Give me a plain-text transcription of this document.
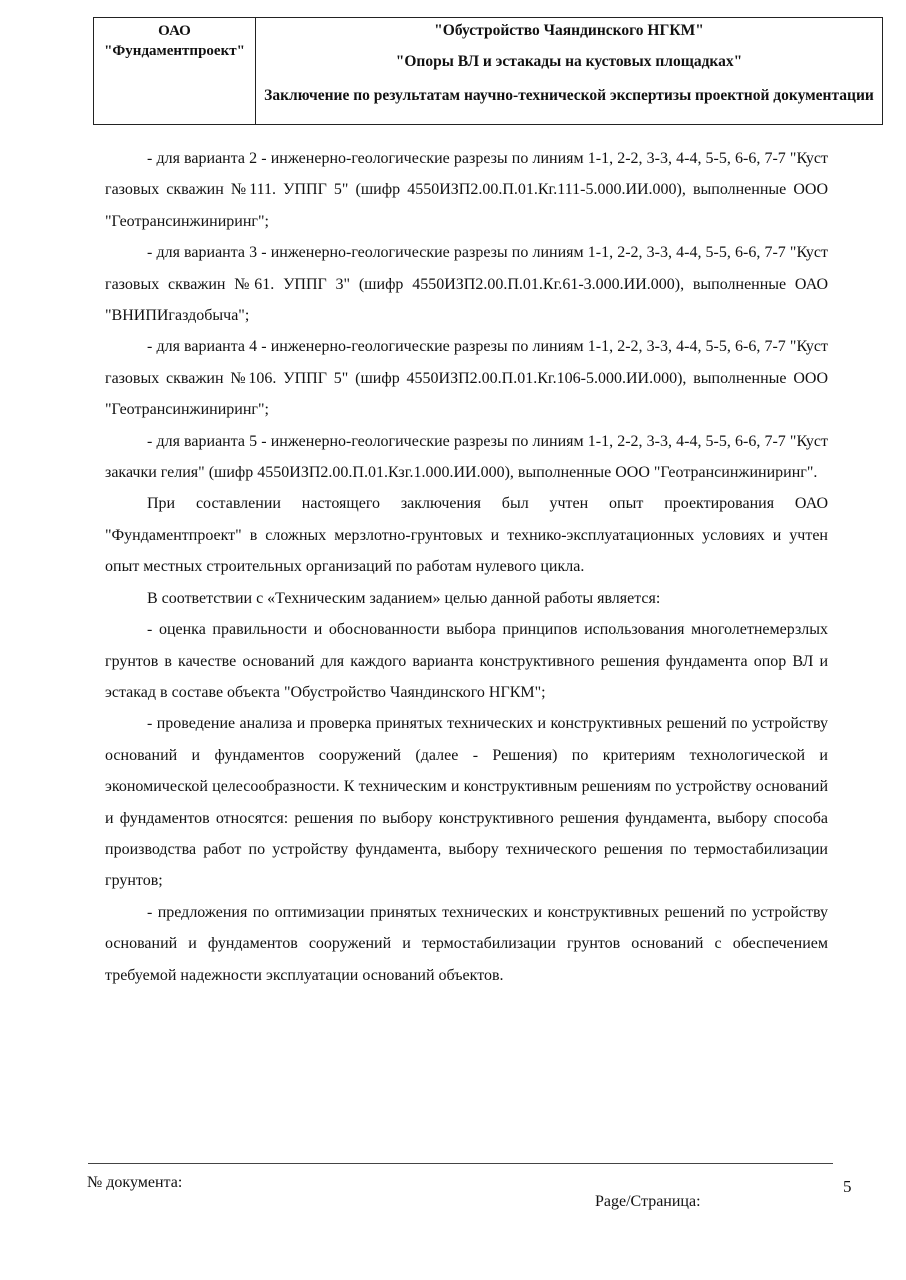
ОАО
"Фундаментпроект"
"Обустройство Чаяндинского НГКМ"
"Опоры ВЛ и эстакады на кустовых площадках"
Заключение по результатам научно-технической экспертизы проектной документации

- для варианта 2 - инженерно-геологические разрезы по линиям 1-1, 2-2, 3-3, 4-4, 5-5, 6-6, 7-7 "Куст газовых скважин №111. УППГ 5" (шифр 4550ИЗП2.00.П.01.Кг.111-5.000.ИИ.000), выполненные ООО "Геотрансинжиниринг";

- для варианта 3 - инженерно-геологические разрезы по линиям 1-1, 2-2, 3-3, 4-4, 5-5, 6-6, 7-7 "Куст газовых скважин №61. УППГ 3" (шифр 4550ИЗП2.00.П.01.Кг.61-3.000.ИИ.000), выполненные ОАО "ВНИПИгаздобыча";

- для варианта 4 - инженерно-геологические разрезы по линиям 1-1, 2-2, 3-3, 4-4, 5-5, 6-6, 7-7 "Куст газовых скважин №106. УППГ 5" (шифр 4550ИЗП2.00.П.01.Кг.106-5.000.ИИ.000), выполненные ООО "Геотрансинжиниринг";

- для варианта 5 - инженерно-геологические разрезы по линиям 1-1, 2-2, 3-3, 4-4, 5-5, 6-6, 7-7 "Куст закачки гелия" (шифр 4550ИЗП2.00.П.01.Кзг.1.000.ИИ.000), выполненные ООО "Геотрансинжиниринг".

При составлении настоящего заключения был учтен опыт проектирования ОАО "Фундаментпроект" в сложных мерзлотно-грунтовых и технико-эксплуатационных условиях и учтен опыт местных строительных организаций по работам нулевого цикла.

В соответствии с «Техническим заданием» целью данной работы является:

- оценка правильности и обоснованности выбора принципов использования многолетнемерзлых грунтов в качестве оснований для каждого варианта конструктивного решения фундамента опор ВЛ и эстакад в составе объекта "Обустройство Чаяндинского НГКМ";

- проведение анализа и проверка принятых технических и конструктивных решений по устройству оснований и фундаментов сооружений (далее - Решения) по критериям технологической и экономической целесообразности. К техническим и конструктивным решениям по устройству оснований и фундаментов относятся: решения по выбору конструктивного решения фундамента, выбору способа производства работ по устройству фундамента, выбору технического решения по термостабилизации грунтов;

- предложения по оптимизации принятых технических и конструктивных решений по устройству оснований и фундаментов сооружений и термостабилизации грунтов оснований с обеспечением требуемой надежности эксплуатации оснований объектов.

№ документа:
Page/Страница:
5
